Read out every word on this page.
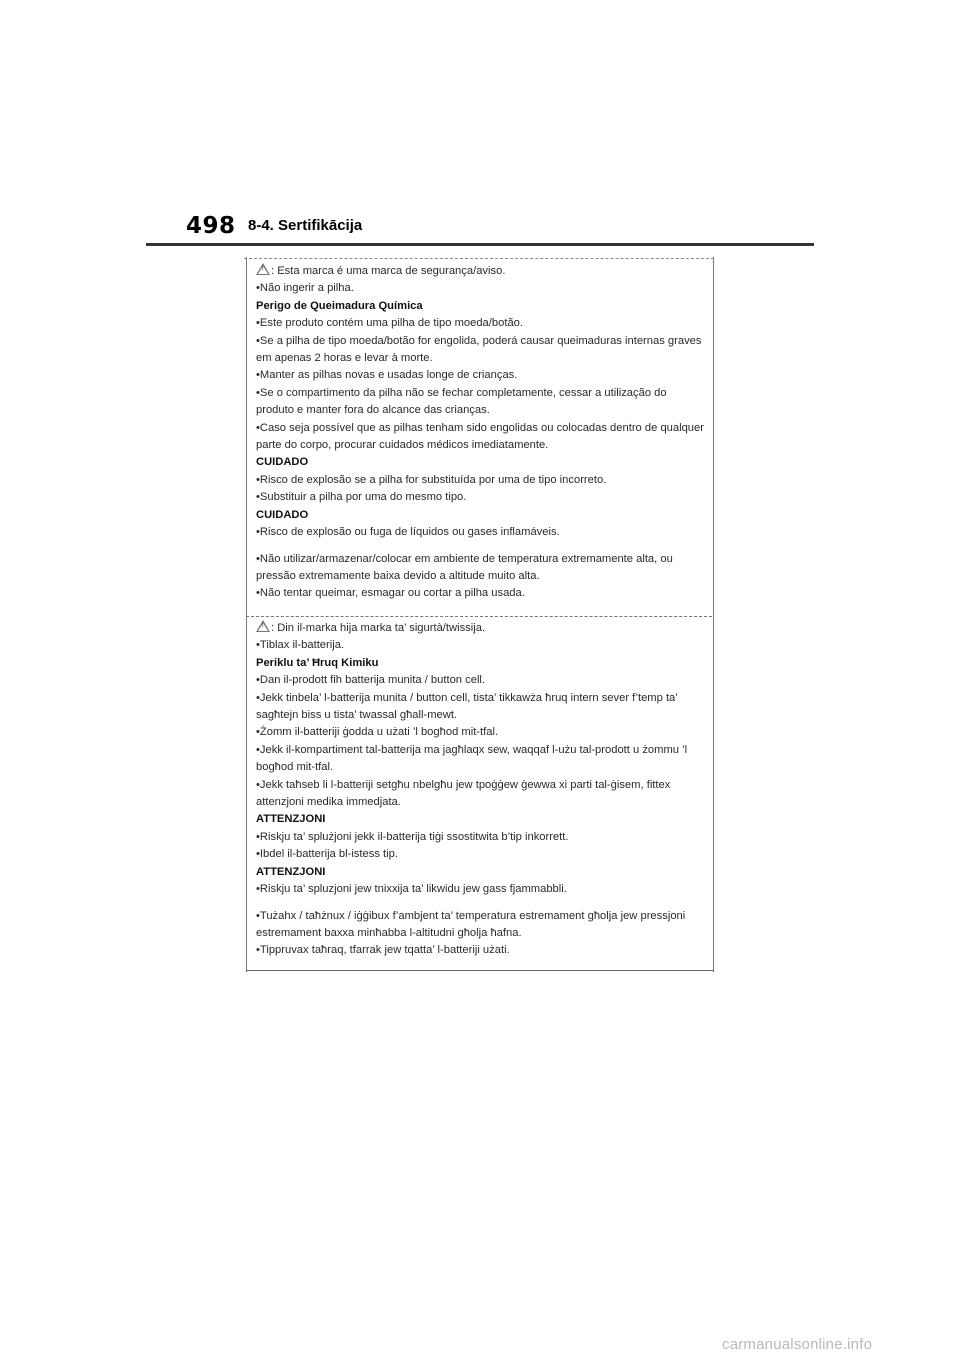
498 8-4. Sertifikācija

!: Esta marca é uma marca de segurança/aviso.

•Não ingerir a pilha.

Perigo de Queimadura Química

•Este produto contém uma pilha de tipo moeda/botão.

•Se a pilha de tipo moeda/botão for engolida, poderá causar queimaduras internas graves em apenas 2 horas e levar à morte.

•Manter as pilhas novas e usadas longe de crianças.

•Se o compartimento da pilha não se fechar completamente, cessar a utilização do produto e manter fora do alcance das crianças.

•Caso seja possível que as pilhas tenham sido engolidas ou colocadas dentro de qualquer parte do corpo, procurar cuidados médicos imediatamente.

CUIDADO

•Risco de explosão se a pilha for substituída por uma de tipo incorreto.

•Substituir a pilha por uma do mesmo tipo.

CUIDADO

•Risco de explosão ou fuga de líquidos ou gases inflamáveis.

•Não utilizar/armazenar/colocar em ambiente de temperatura extremamente alta, ou pressão extremamente baixa devido a altitude muito alta.

•Não tentar queimar, esmagar ou cortar a pilha usada.

!: Din il-marka hija marka ta’ sigurtà/twissija.

•Tiblax il-batterija.

Periklu ta’ Ħruq Kimiku

•Dan il-prodott fih batterija munita / button cell.

•Jekk tinbela’ l-batterija munita / button cell, tista’ tikkawża ħruq intern sever f’temp ta’ sagħtejn biss u tista’ twassal għall-mewt.

•Żomm il-batteriji ġodda u użati ’l bogħod mit-tfal.

•Jekk il-kompartiment tal-batterija ma jagħlaqx sew, waqqaf l-użu tal-prodott u żommu ’l bogħod mit-tfal.

•Jekk taħseb li l-batteriji setgħu nbelgħu jew tpoġġew ġewwa xi parti tal-ġisem, fittex attenzjoni medika immedjata.

ATTENZJONI

•Riskju ta’ splużjoni jekk il-batterija tiġi ssostitwita b’tip inkorrett.

•Ibdel il-batterija bl-istess tip.

ATTENZJONI

•Riskju ta’ spluzjoni jew tnixxija ta’ likwidu jew gass fjammabbli.

•Tużahx / taħżnux / iġġibux f’ambjent ta’ temperatura estremament għolja jew pressjoni estremament baxxa minħabba l-altitudni għolja ħafna.

•Tippruvax taħraq, tfarrak jew tqatta’ l-batteriji użati.

carmanualsonline.info
